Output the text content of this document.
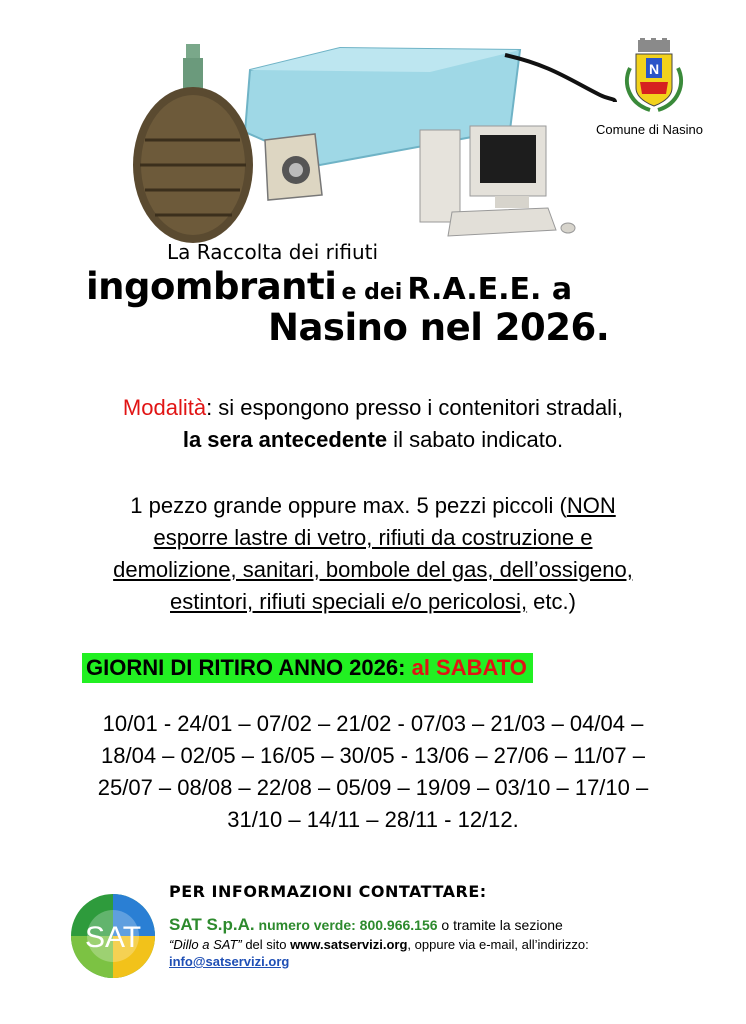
N
Comune di Nasino
La Raccolta dei rifiuti
ingombranti e dei R.A.E.E. a
Nasino nel 2026.
Modalità: si espongono presso i contenitori stradali,
la sera antecedente il sabato indicato.
1 pezzo grande oppure max. 5 pezzi piccoli (NON
esporre lastre di vetro, rifiuti da costruzione e
demolizione, sanitari, bombole del gas, dell’ossigeno,
estintori, rifiuti speciali e/o pericolosi, etc.)
GIORNI DI RITIRO ANNO 2026: al SABATO
10/01 - 24/01 – 07/02 – 21/02 - 07/03 – 21/03 – 04/04 –
18/04 – 02/05 – 16/05 – 30/05 - 13/06 – 27/06 – 11/07 –
25/07 – 08/08 – 22/08 – 05/09 – 19/09 – 03/10 – 17/10 –
31/10 – 14/11 – 28/11 - 12/12.
SAT
PER INFORMAZIONI CONTATTARE:
SAT S.p.A. numero verde: 800.966.156 o tramite la sezione
“Dillo a SAT” del sito www.satservizi.org, oppure via e-mail, all’indirizzo:
info@satservizi.org
